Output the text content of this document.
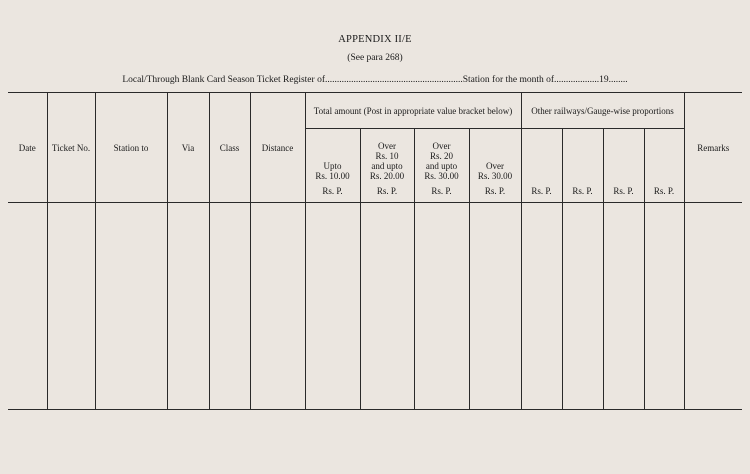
APPENDIX II/E
(See para 268)
Local/Through Blank Card Season Ticket Register of..........................................................Station for the month of...................19........
Date	Ticket No.	Station to	Via	Class	Distance	Total amount (Post in appropriate value bracket below)				Other railways/Gauge-wise proportions				Remarks

						Upto
Rs. 10.00
Rs. P.	Over
Rs. 10
and upto
Rs. 20.00
Rs. P.	Over
Rs. 20
and upto
Rs. 30.00
Rs. P.	Over
Rs. 30.00
Rs. P.	Rs. P.	Rs. P.	Rs. P.	Rs. P.	
